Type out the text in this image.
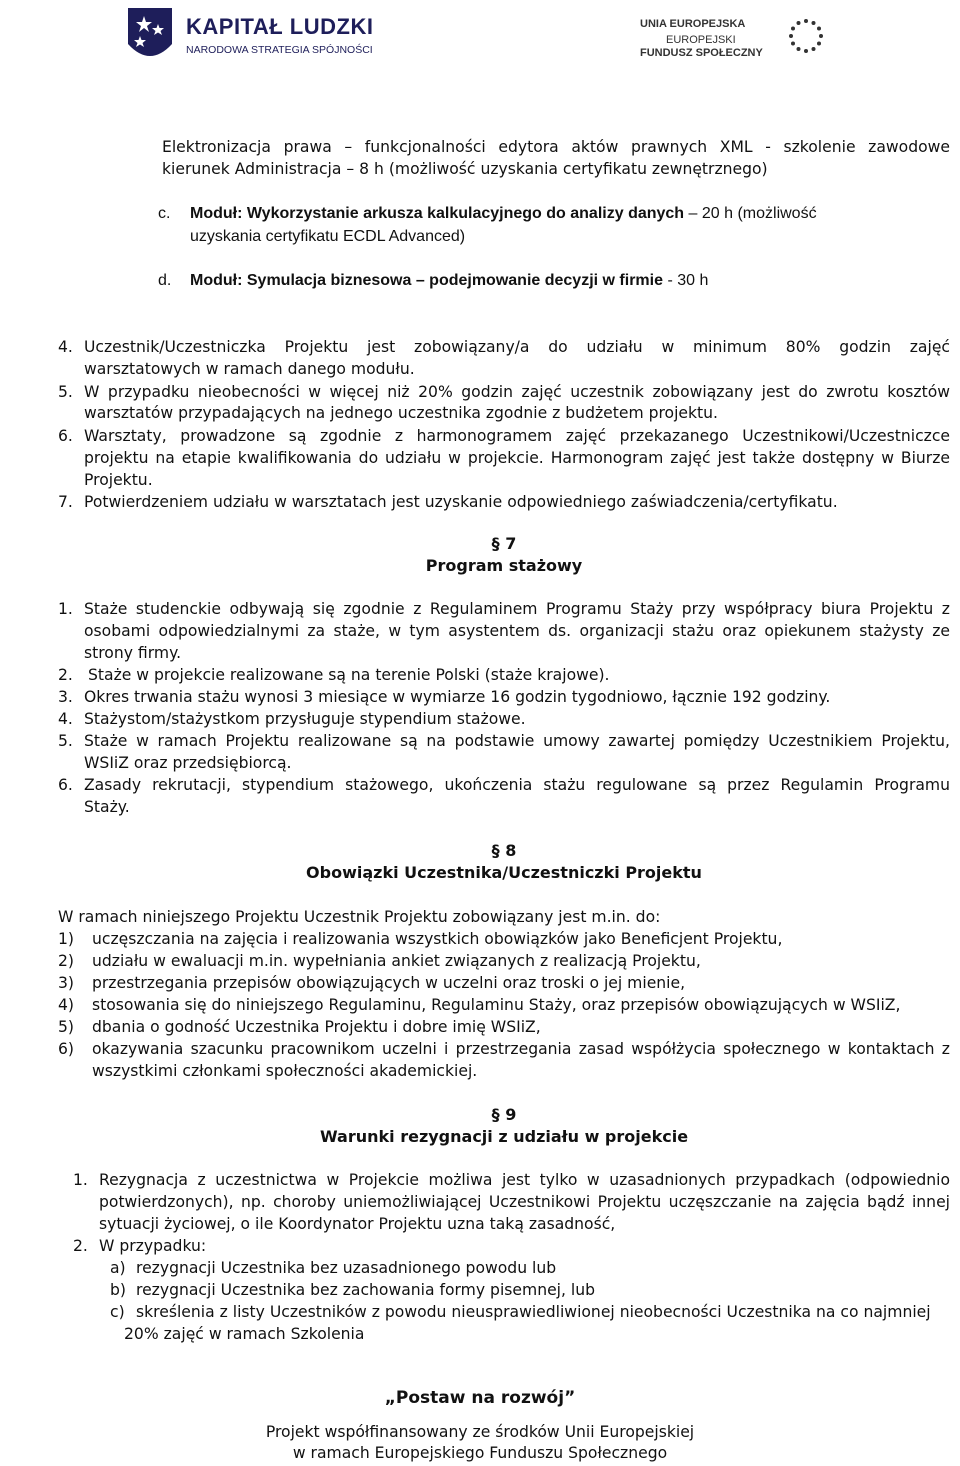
KAPITAŁ LUDZKI
NARODOWA STRATEGIA SPÓJNOŚCI
UNIA EUROPEJSKA
EUROPEJSKI
FUNDUSZ SPOŁECZNY
Elektronizacja prawa – funkcjonalności edytora aktów prawnych XML - szkolenie zawodowe
kierunek Administracja – 8 h (możliwość uzyskania certyfikatu zewnętrznego)
c. Moduł: Wykorzystanie arkusza kalkulacyjnego do analizy danych – 20 h (możliwość
uzyskania certyfikatu ECDL Advanced)
d. Moduł: Symulacja biznesowa – podejmowanie decyzji w firmie - 30 h
4. Uczestnik/Uczestniczka Projektu jest zobowiązany/a do udziału w minimum 80% godzin zajęć
warsztatowych w ramach danego modułu.
5. W przypadku nieobecności w więcej niż 20% godzin zajęć uczestnik zobowiązany jest do zwrotu kosztów
warsztatów przypadających na jednego uczestnika zgodnie z budżetem projektu.
6. Warsztaty, prowadzone są zgodnie z harmonogramem zajęć przekazanego Uczestnikowi/Uczestniczce
projektu na etapie kwalifikowania do udziału w projekcie. Harmonogram zajęć jest także dostępny w Biurze
Projektu.
7. Potwierdzeniem udziału w warsztatach jest uzyskanie odpowiedniego zaświadczenia/certyfikatu.
§ 7
Program stażowy
1. Staże studenckie odbywają się zgodnie z Regulaminem Programu Staży przy współpracy biura Projektu z
osobami odpowiedzialnymi za staże, w tym asystentem ds. organizacji stażu oraz opiekunem stażysty ze
strony firmy.
2. Staże w projekcie realizowane są na terenie Polski (staże krajowe).
3. Okres trwania stażu wynosi 3 miesiące w wymiarze 16 godzin tygodniowo, łącznie 192 godziny.
4. Stażystom/stażystkom przysługuje stypendium stażowe.
5. Staże w ramach Projektu realizowane są na podstawie umowy zawartej pomiędzy Uczestnikiem Projektu,
WSIiZ oraz przedsiębiorcą.
6. Zasady rekrutacji, stypendium stażowego, ukończenia stażu regulowane są przez Regulamin Programu
Staży.
§ 8
Obowiązki Uczestnika/Uczestniczki Projektu
W ramach niniejszego Projektu Uczestnik Projektu zobowiązany jest m.in. do:
1) uczęszczania na zajęcia i realizowania wszystkich obowiązków jako Beneficjent Projektu,
2) udziału w ewaluacji m.in. wypełniania ankiet związanych z realizacją Projektu,
3) przestrzegania przepisów obowiązujących w uczelni oraz troski o jej mienie,
4) stosowania się do niniejszego Regulaminu, Regulaminu Staży, oraz przepisów obowiązujących w WSIiZ,
5) dbania o godność Uczestnika Projektu i dobre imię WSIiZ,
6) okazywania szacunku pracownikom uczelni i przestrzegania zasad współżycia społecznego w kontaktach z
wszystkimi członkami społeczności akademickiej.
§ 9
Warunki rezygnacji z udziału w projekcie
1. Rezygnacja z uczestnictwa w Projekcie możliwa jest tylko w uzasadnionych przypadkach (odpowiednio
potwierdzonych), np. choroby uniemożliwiającej Uczestnikowi Projektu uczęszczanie na zajęcia bądź innej
sytuacji życiowej, o ile Koordynator Projektu uzna taką zasadność,
2. W przypadku:
a) rezygnacji Uczestnika bez uzasadnionego powodu lub
b) rezygnacji Uczestnika bez zachowania formy pisemnej, lub
c) skreślenia z listy Uczestników z powodu nieusprawiedliwionej nieobecności Uczestnika na co najmniej
20% zajęć w ramach Szkolenia
„Postaw na rozwój”
Projekt współfinansowany ze środków Unii Europejskiej
w ramach Europejskiego Funduszu Społecznego
